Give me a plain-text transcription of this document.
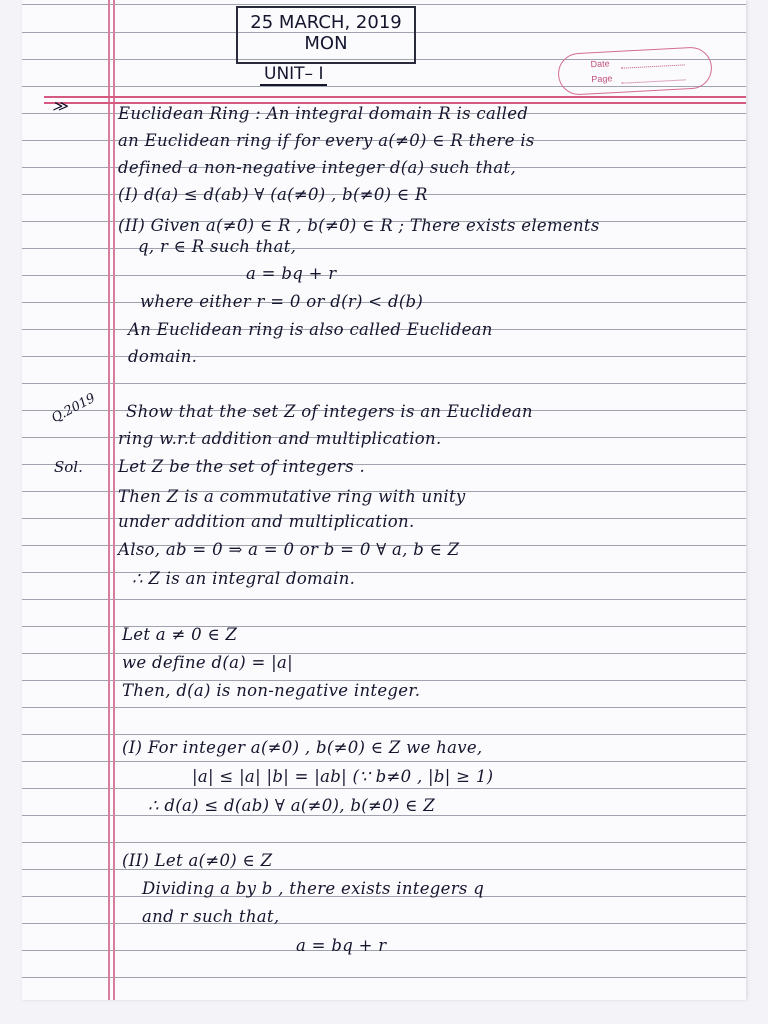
25 MARCH, 2019
MON
UNIT– I
Date
Page
≫
Q.2019
Sol.
Euclidean Ring : An integral domain R is called
an Euclidean ring if for every a(≠0) ∈ R there is
defined a non-negative integer d(a) such that,
(I) d(a) ≤ d(ab) ∀ (a(≠0) , b(≠0) ∈ R
(II) Given a(≠0) ∈ R , b(≠0) ∈ R ; There exists elements
q, r ∈ R such that,
a = bq + r
where either r = 0 or d(r) < d(b)
An Euclidean ring is also called Euclidean
domain.
Show that the set Z of integers is an Euclidean
ring w.r.t addition and multiplication.
Let Z be the set of integers .
Then Z is a commutative ring with unity
under addition and multiplication.
Also, ab = 0 ⇒ a = 0 or b = 0 ∀ a, b ∈ Z
∴ Z is an integral domain.
Let a ≠ 0 ∈ Z
we define d(a) = |a|
Then, d(a) is non-negative integer.
(I) For integer a(≠0) , b(≠0) ∈ Z we have,
|a| ≤ |a| |b| = |ab| (∵ b≠0 , |b| ≥ 1)
∴ d(a) ≤ d(ab) ∀ a(≠0), b(≠0) ∈ Z
(II) Let a(≠0) ∈ Z
Dividing a by b , there exists integers q
and r such that,
a = bq + r
